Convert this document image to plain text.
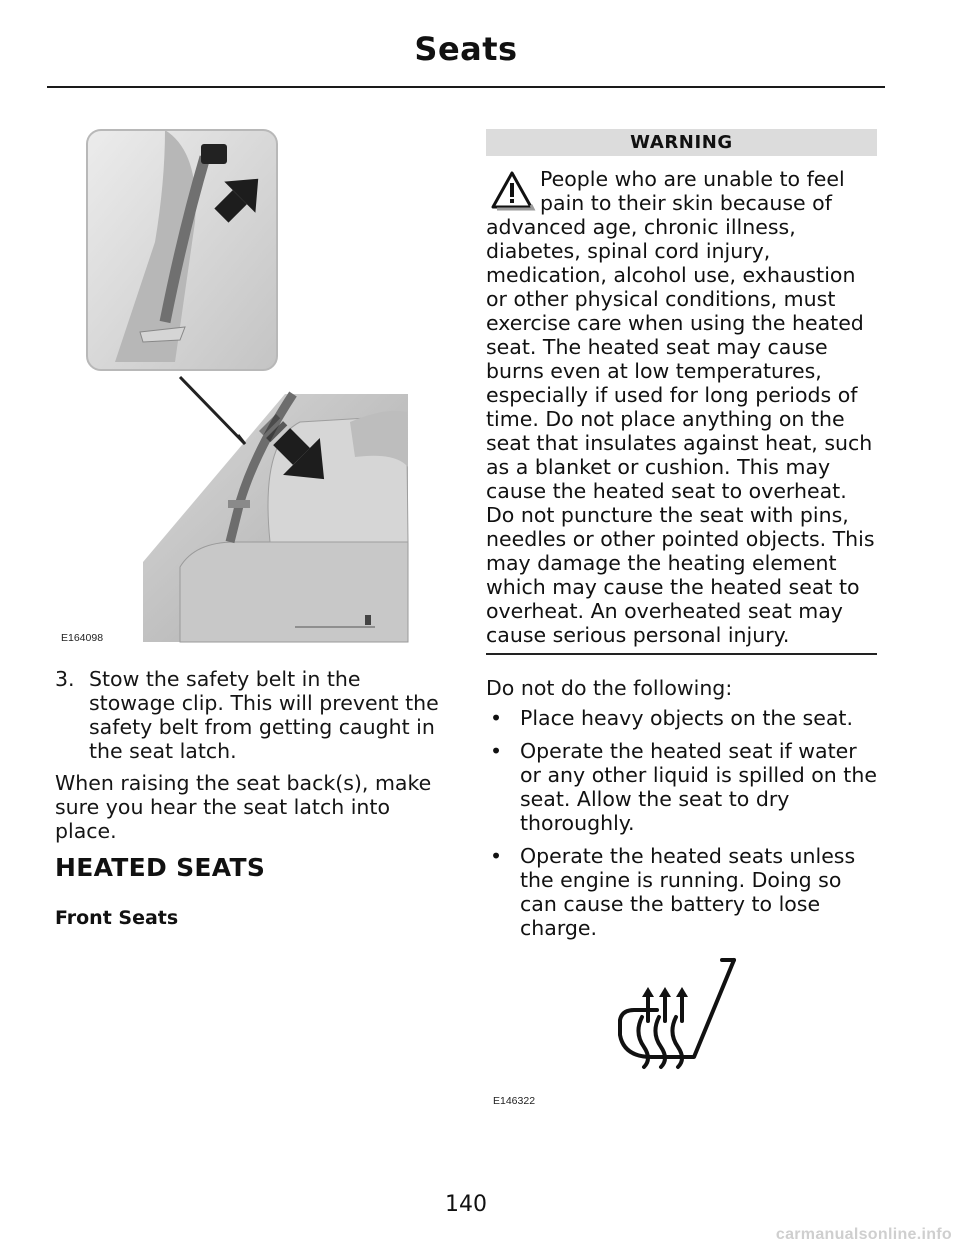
Seats
E164098
3. Stow the safety belt in the stowage clip. This will prevent the safety belt from getting caught in the seat latch.
When raising the seat back(s), make sure you hear the seat latch into place.
HEATED SEATS
Front Seats
WARNING
People who are unable to feel pain to their skin because of advanced age, chronic illness, diabetes, spinal cord injury, medication, alcohol use, exhaustion or other physical conditions, must exercise care when using the heated seat. The heated seat may cause burns even at low temperatures, especially if used for long periods of time. Do not place anything on the seat that insulates against heat, such as a blanket or cushion. This may cause the heated seat to overheat. Do not puncture the seat with pins, needles or other pointed objects. This may damage the heating element which may cause the heated seat to overheat. An overheated seat may cause serious personal injury.
Do not do the following:
• Place heavy objects on the seat.
• Operate the heated seat if water or any other liquid is spilled on the seat. Allow the seat to dry thoroughly.
• Operate the heated seats unless the engine is running. Doing so can cause the battery to lose charge.
E146322
140
carmanualsonline.info
